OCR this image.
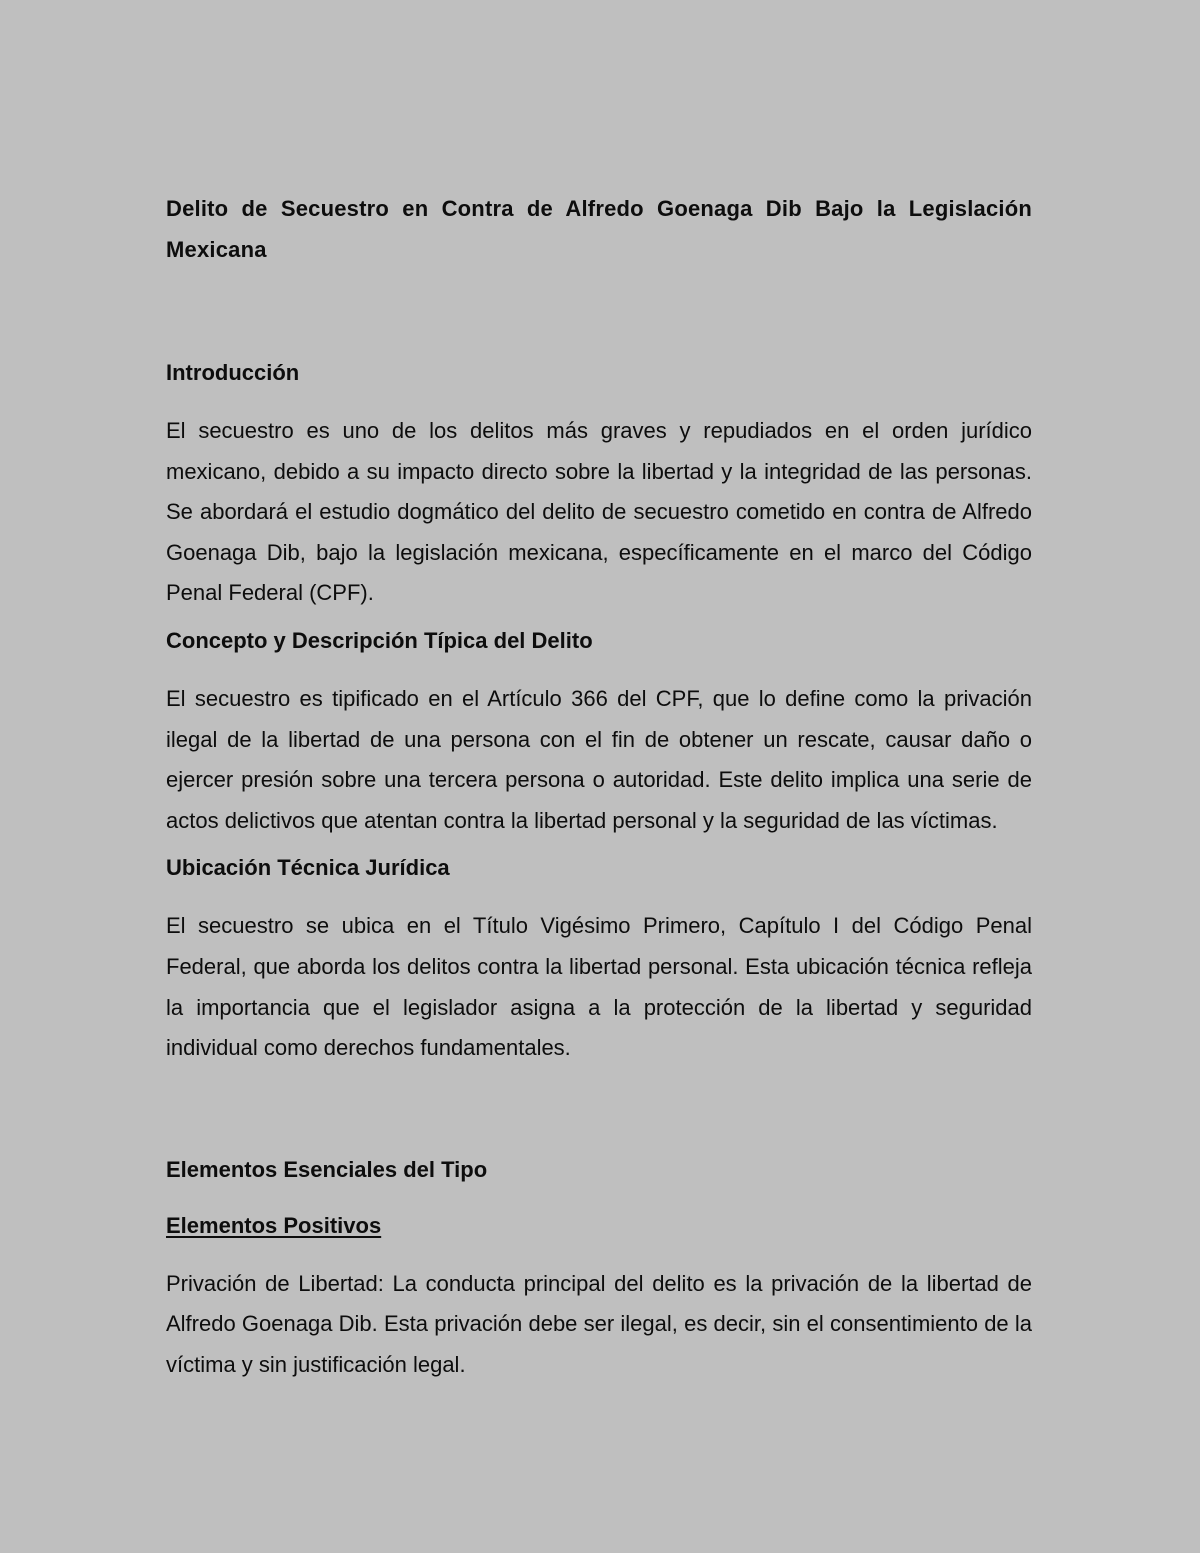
Delito de Secuestro en Contra de Alfredo Goenaga Dib Bajo la Legislación Mexicana
Introducción

El secuestro es uno de los delitos más graves y repudiados en el orden jurídico mexicano, debido a su impacto directo sobre la libertad y la integridad de las personas. Se abordará el estudio dogmático del delito de secuestro cometido en contra de Alfredo Goenaga Dib, bajo la legislación mexicana, específicamente en el marco del Código Penal Federal (CPF).

Concepto y Descripción Típica del Delito

El secuestro es tipificado en el Artículo 366 del CPF, que lo define como la privación ilegal de la libertad de una persona con el fin de obtener un rescate, causar daño o ejercer presión sobre una tercera persona o autoridad. Este delito implica una serie de actos delictivos que atentan contra la libertad personal y la seguridad de las víctimas.

Ubicación Técnica Jurídica

El secuestro se ubica en el Título Vigésimo Primero, Capítulo I del Código Penal Federal, que aborda los delitos contra la libertad personal. Esta ubicación técnica refleja la importancia que el legislador asigna a la protección de la libertad y seguridad individual como derechos fundamentales.

Elementos Esenciales del Tipo
Elementos Positivos

Privación de Libertad: La conducta principal del delito es la privación de la libertad de Alfredo Goenaga Dib. Esta privación debe ser ilegal, es decir, sin el consentimiento de la víctima y sin justificación legal.
